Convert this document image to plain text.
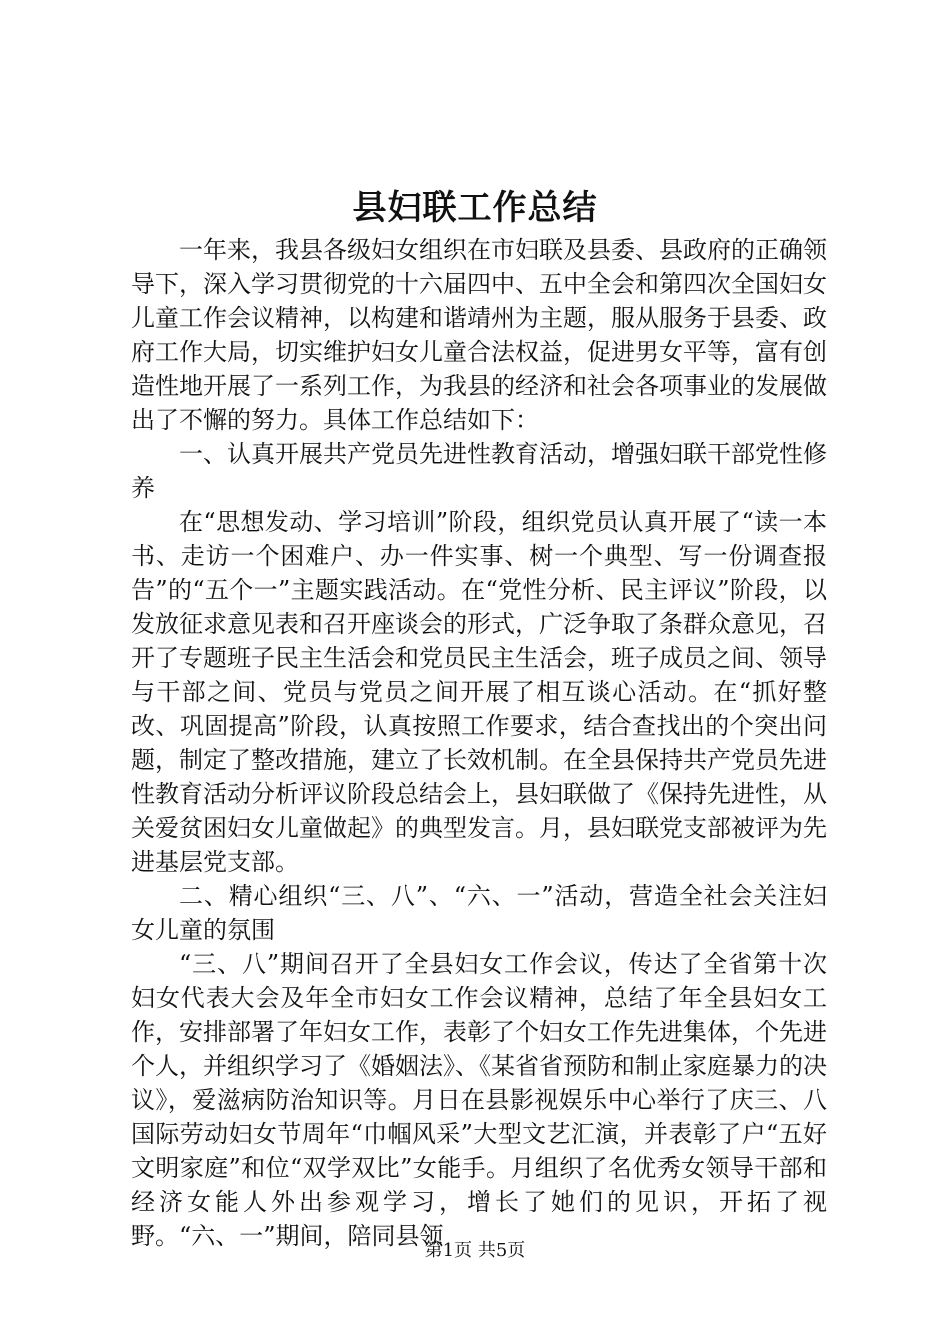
县妇联工作总结

一年来，我县各级妇女组织在市妇联及县委、县政府的正确领导下，深入学习贯彻党的十六届四中、五中全会和第四次全国妇女儿童工作会议精神，以构建和谐靖州为主题，服从服务于县委、政府工作大局，切实维护妇女儿童合法权益，促进男女平等，富有创造性地开展了一系列工作，为我县的经济和社会各项事业的发展做出了不懈的努力。具体工作总结如下：

一、认真开展共产党员先进性教育活动，增强妇联干部党性修养

在“思想发动、学习培训”阶段，组织党员认真开展了“读一本书、走访一个困难户、办一件实事、树一个典型、写一份调查报告”的“五个一”主题实践活动。在“党性分析、民主评议”阶段，以发放征求意见表和召开座谈会的形式，广泛争取了条群众意见，召开了专题班子民主生活会和党员民主生活会，班子成员之间、领导与干部之间、党员与党员之间开展了相互谈心活动。在“抓好整改、巩固提高”阶段，认真按照工作要求，结合查找出的个突出问题，制定了整改措施，建立了长效机制。在全县保持共产党员先进性教育活动分析评议阶段总结会上，县妇联做了《保持先进性，从关爱贫困妇女儿童做起》的典型发言。月，县妇联党支部被评为先进基层党支部。

二、精心组织“三、八”、“六、一”活动，营造全社会关注妇女儿童的氛围

“三、八”期间召开了全县妇女工作会议，传达了全省第十次妇女代表大会及年全市妇女工作会议精神，总结了年全县妇女工作，安排部署了年妇女工作，表彰了个妇女工作先进集体，个先进个人，并组织学习了《婚姻法》、《某省省预防和制止家庭暴力的决议》，爱滋病防治知识等。月日在县影视娱乐中心举行了庆三、八国际劳动妇女节周年“巾帼风采”大型文艺汇演，并表彰了户“五好文明家庭”和位“双学双比”女能手。月组织了名优秀女领导干部和经济女能人外出参观学习，增长了她们的见识，开拓了视野。“六、一”期间，陪同县领

第1页 共5页
